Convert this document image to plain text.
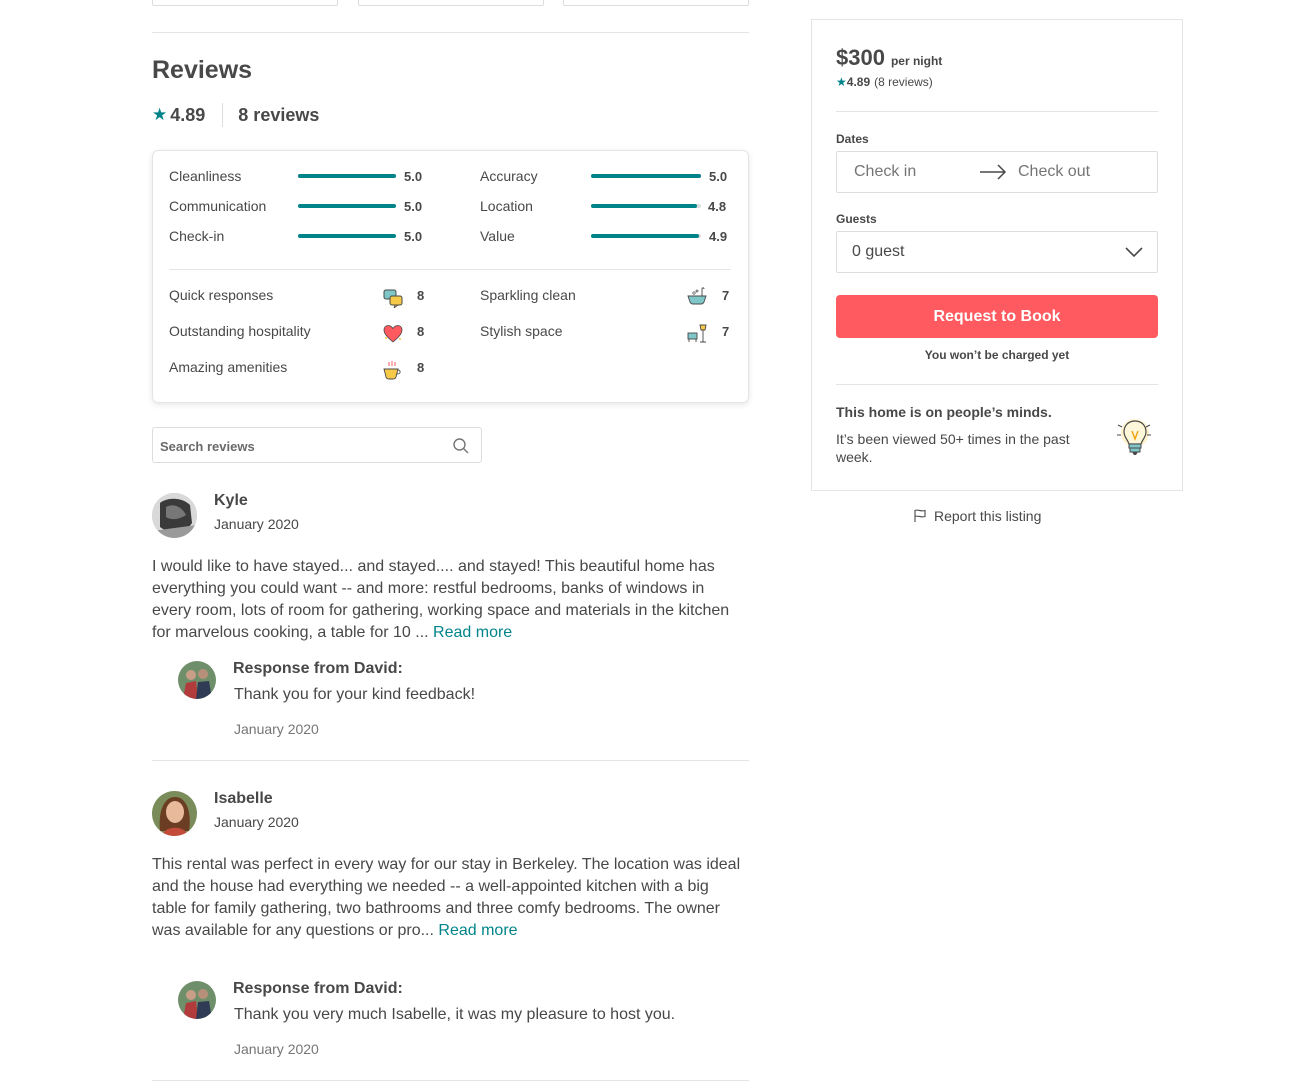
Reviews
★ 4.89 8 reviews
Cleanliness	5.0
Communication	5.0
Check-in	5.0
Accuracy	5.0
Location	4.8
Value	4.9
Quick responses	8
Outstanding hospitality	8
Amazing amenities	8
Sparkling clean	7
Stylish space	7
Search reviews
Kyle
January 2020

I would like to have stayed... and stayed.... and stayed! This beautiful home has everything you could want -- and more: restful bedrooms, banks of windows in every room, lots of room for gathering, working space and materials in the kitchen for marvelous cooking, a table for 10 ... Read more

Response from David:
Thank you for your kind feedback!
January 2020
Isabelle
January 2020

This rental was perfect in every way for our stay in Berkeley. The location was ideal and the house had everything we needed -- a well-appointed kitchen with a big table for family gathering, two bathrooms and three comfy bedrooms. The owner was available for any questions or pro... Read more

Response from David:
Thank you very much Isabelle, it was my pleasure to host you.
January 2020
$300 per night
★ 4.89 (8 reviews)
Dates
Check in	Check out
Guests
0 guest
Request to Book
You won’t be charged yet
This home is on people’s minds.
It’s been viewed 50+ times in the past week.
Report this listing
